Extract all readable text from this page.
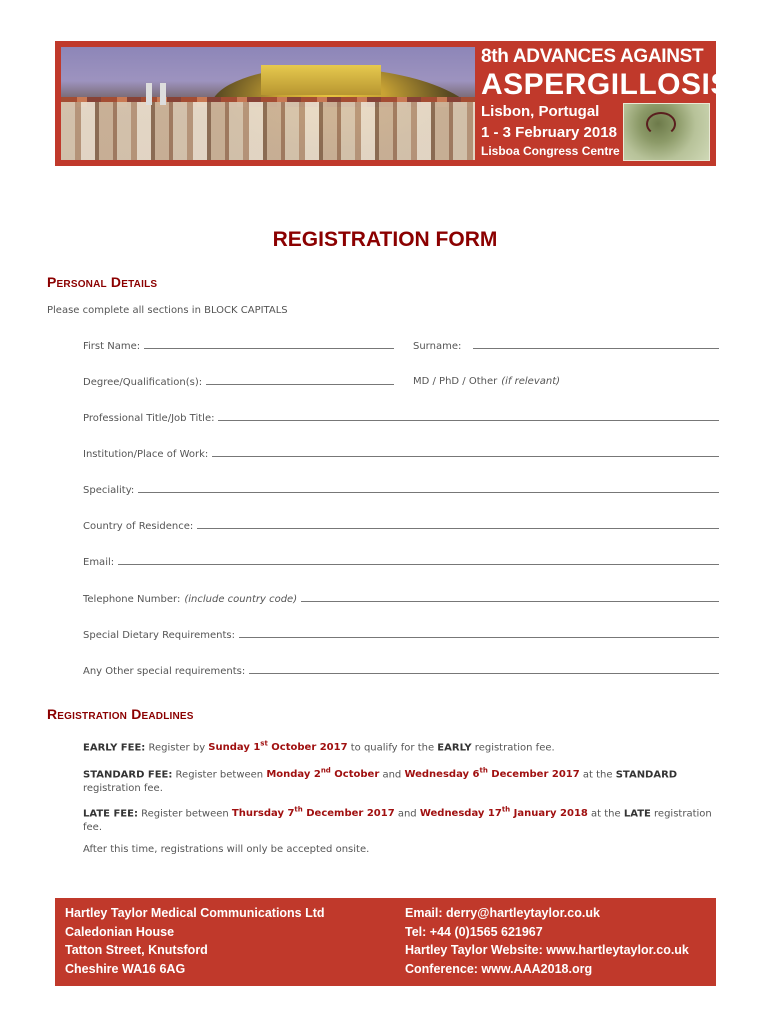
8th ADVANCES AGAINST
ASPERGILLOSIS
Lisbon, Portugal
1 - 3 February 2018
Lisboa Congress Centre
REGISTRATION FORM
Personal Details
Please complete all sections in BLOCK CAPITALS
First Name:	Surname:
Degree/Qualification(s):	MD / PhD / Other (if relevant)
Professional Title/Job Title:
Institution/Place of Work:
Speciality:
Country of Residence:
Email:
Telephone Number: (include country code)
Special Dietary Requirements:
Any Other special requirements:
Registration Deadlines
EARLY FEE: Register by Sunday 1st October 2017 to qualify for the EARLY registration fee.
STANDARD FEE: Register between Monday 2nd October and Wednesday 6th December 2017 at the STANDARD registration fee.
LATE FEE: Register between Thursday 7th December 2017 and Wednesday 17th January 2018 at the LATE registration fee.
After this time, registrations will only be accepted onsite.
Hartley Taylor Medical Communications Ltd
Caledonian House
Tatton Street, Knutsford
Cheshire WA16 6AG
Email: derry@hartleytaylor.co.uk
Tel: +44 (0)1565 621967
Hartley Taylor Website: www.hartleytaylor.co.uk
Conference: www.AAA2018.org
